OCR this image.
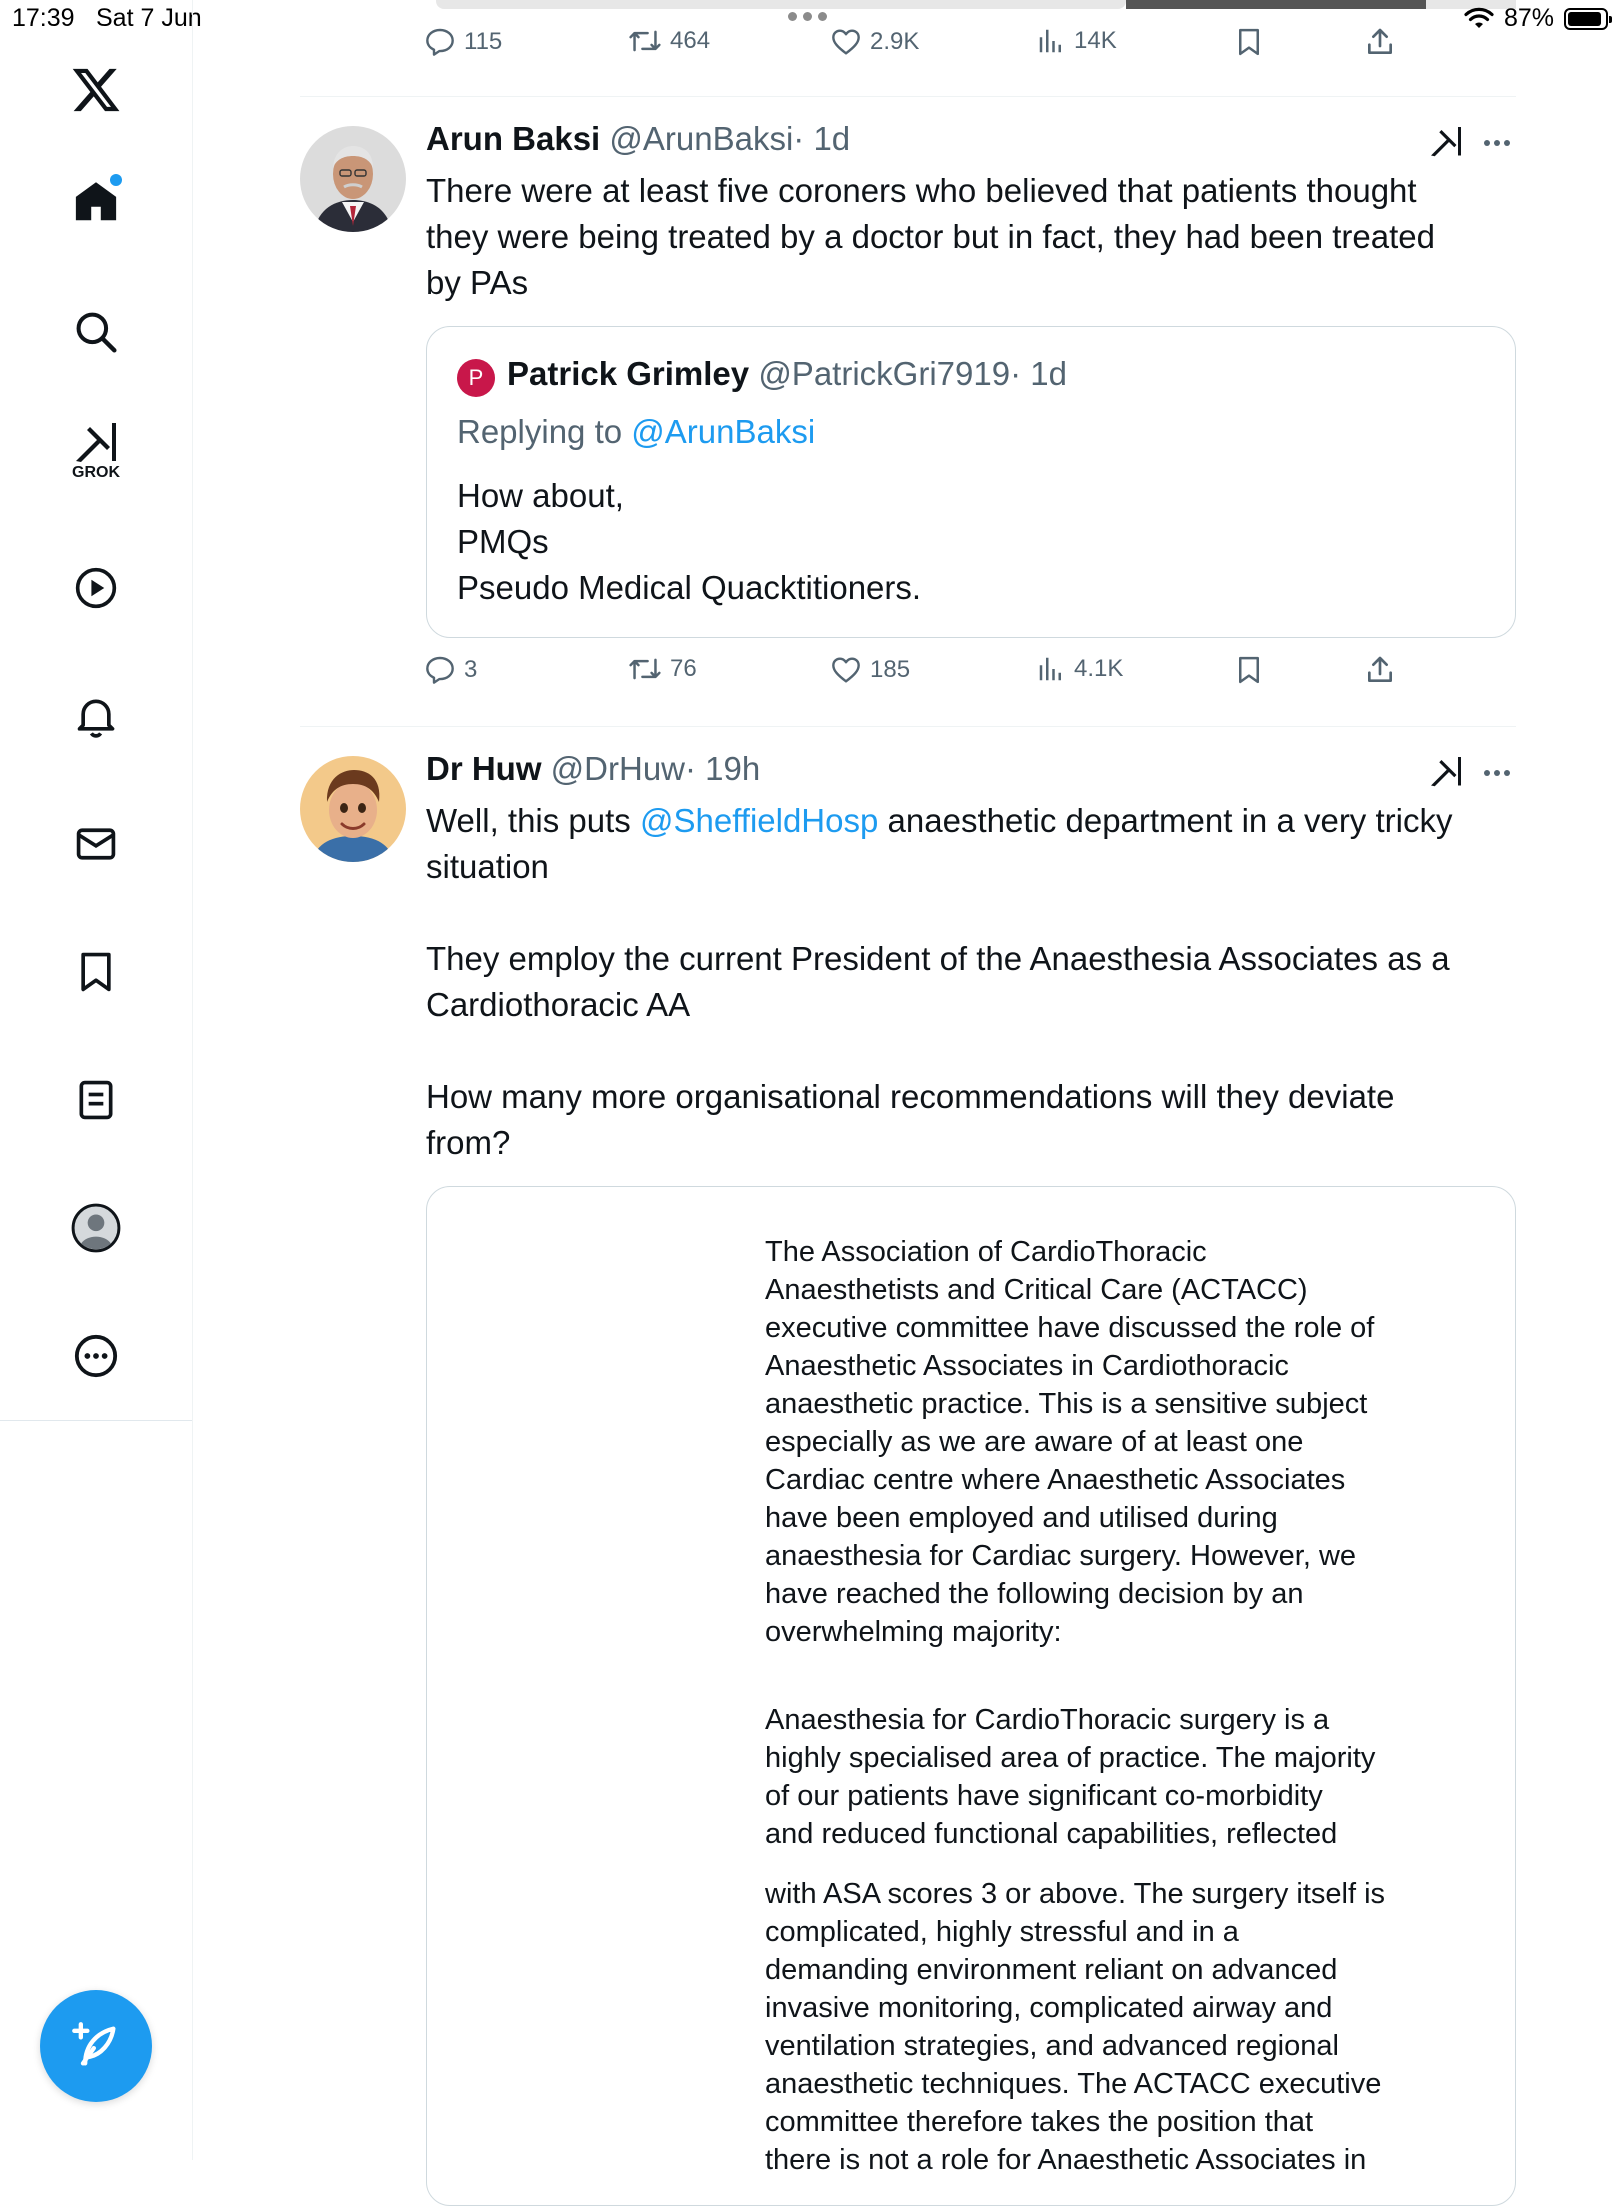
17:39 Sat 7 Jun	87%
GROK
115	464	2.9K	14K
Arun Baksi @ArunBaksi· 1d
There were at least five coroners who believed that patients thought
they were being treated by a doctor but in fact, they had been treated
by PAs
P Patrick Grimley @PatrickGri7919· 1d
Replying to @ArunBaksi
How about,
PMQs
Pseudo Medical Quacktitioners.
3	76	185	4.1K
Dr Huw @DrHuw· 19h
Well, this puts @SheffieldHosp anaesthetic department in a very tricky
situation
They employ the current President of the Anaesthesia Associates as a
Cardiothoracic AA
How many more organisational recommendations will they deviate
from?
The Association of CardioThoracic
Anaesthetists and Critical Care (ACTACC)
executive committee have discussed the role of
Anaesthetic Associates in Cardiothoracic
anaesthetic practice. This is a sensitive subject
especially as we are aware of at least one
Cardiac centre where Anaesthetic Associates
have been employed and utilised during
anaesthesia for Cardiac surgery. However, we
have reached the following decision by an
overwhelming majority:
Anaesthesia for CardioThoracic surgery is a
highly specialised area of practice. The majority
of our patients have significant co-morbidity
and reduced functional capabilities, reflected
with ASA scores 3 or above. The surgery itself is
complicated, highly stressful and in a
demanding environment reliant on advanced
invasive monitoring, complicated airway and
ventilation strategies, and advanced regional
anaesthetic techniques. The ACTACC executive
committee therefore takes the position that
there is not a role for Anaesthetic Associates in
